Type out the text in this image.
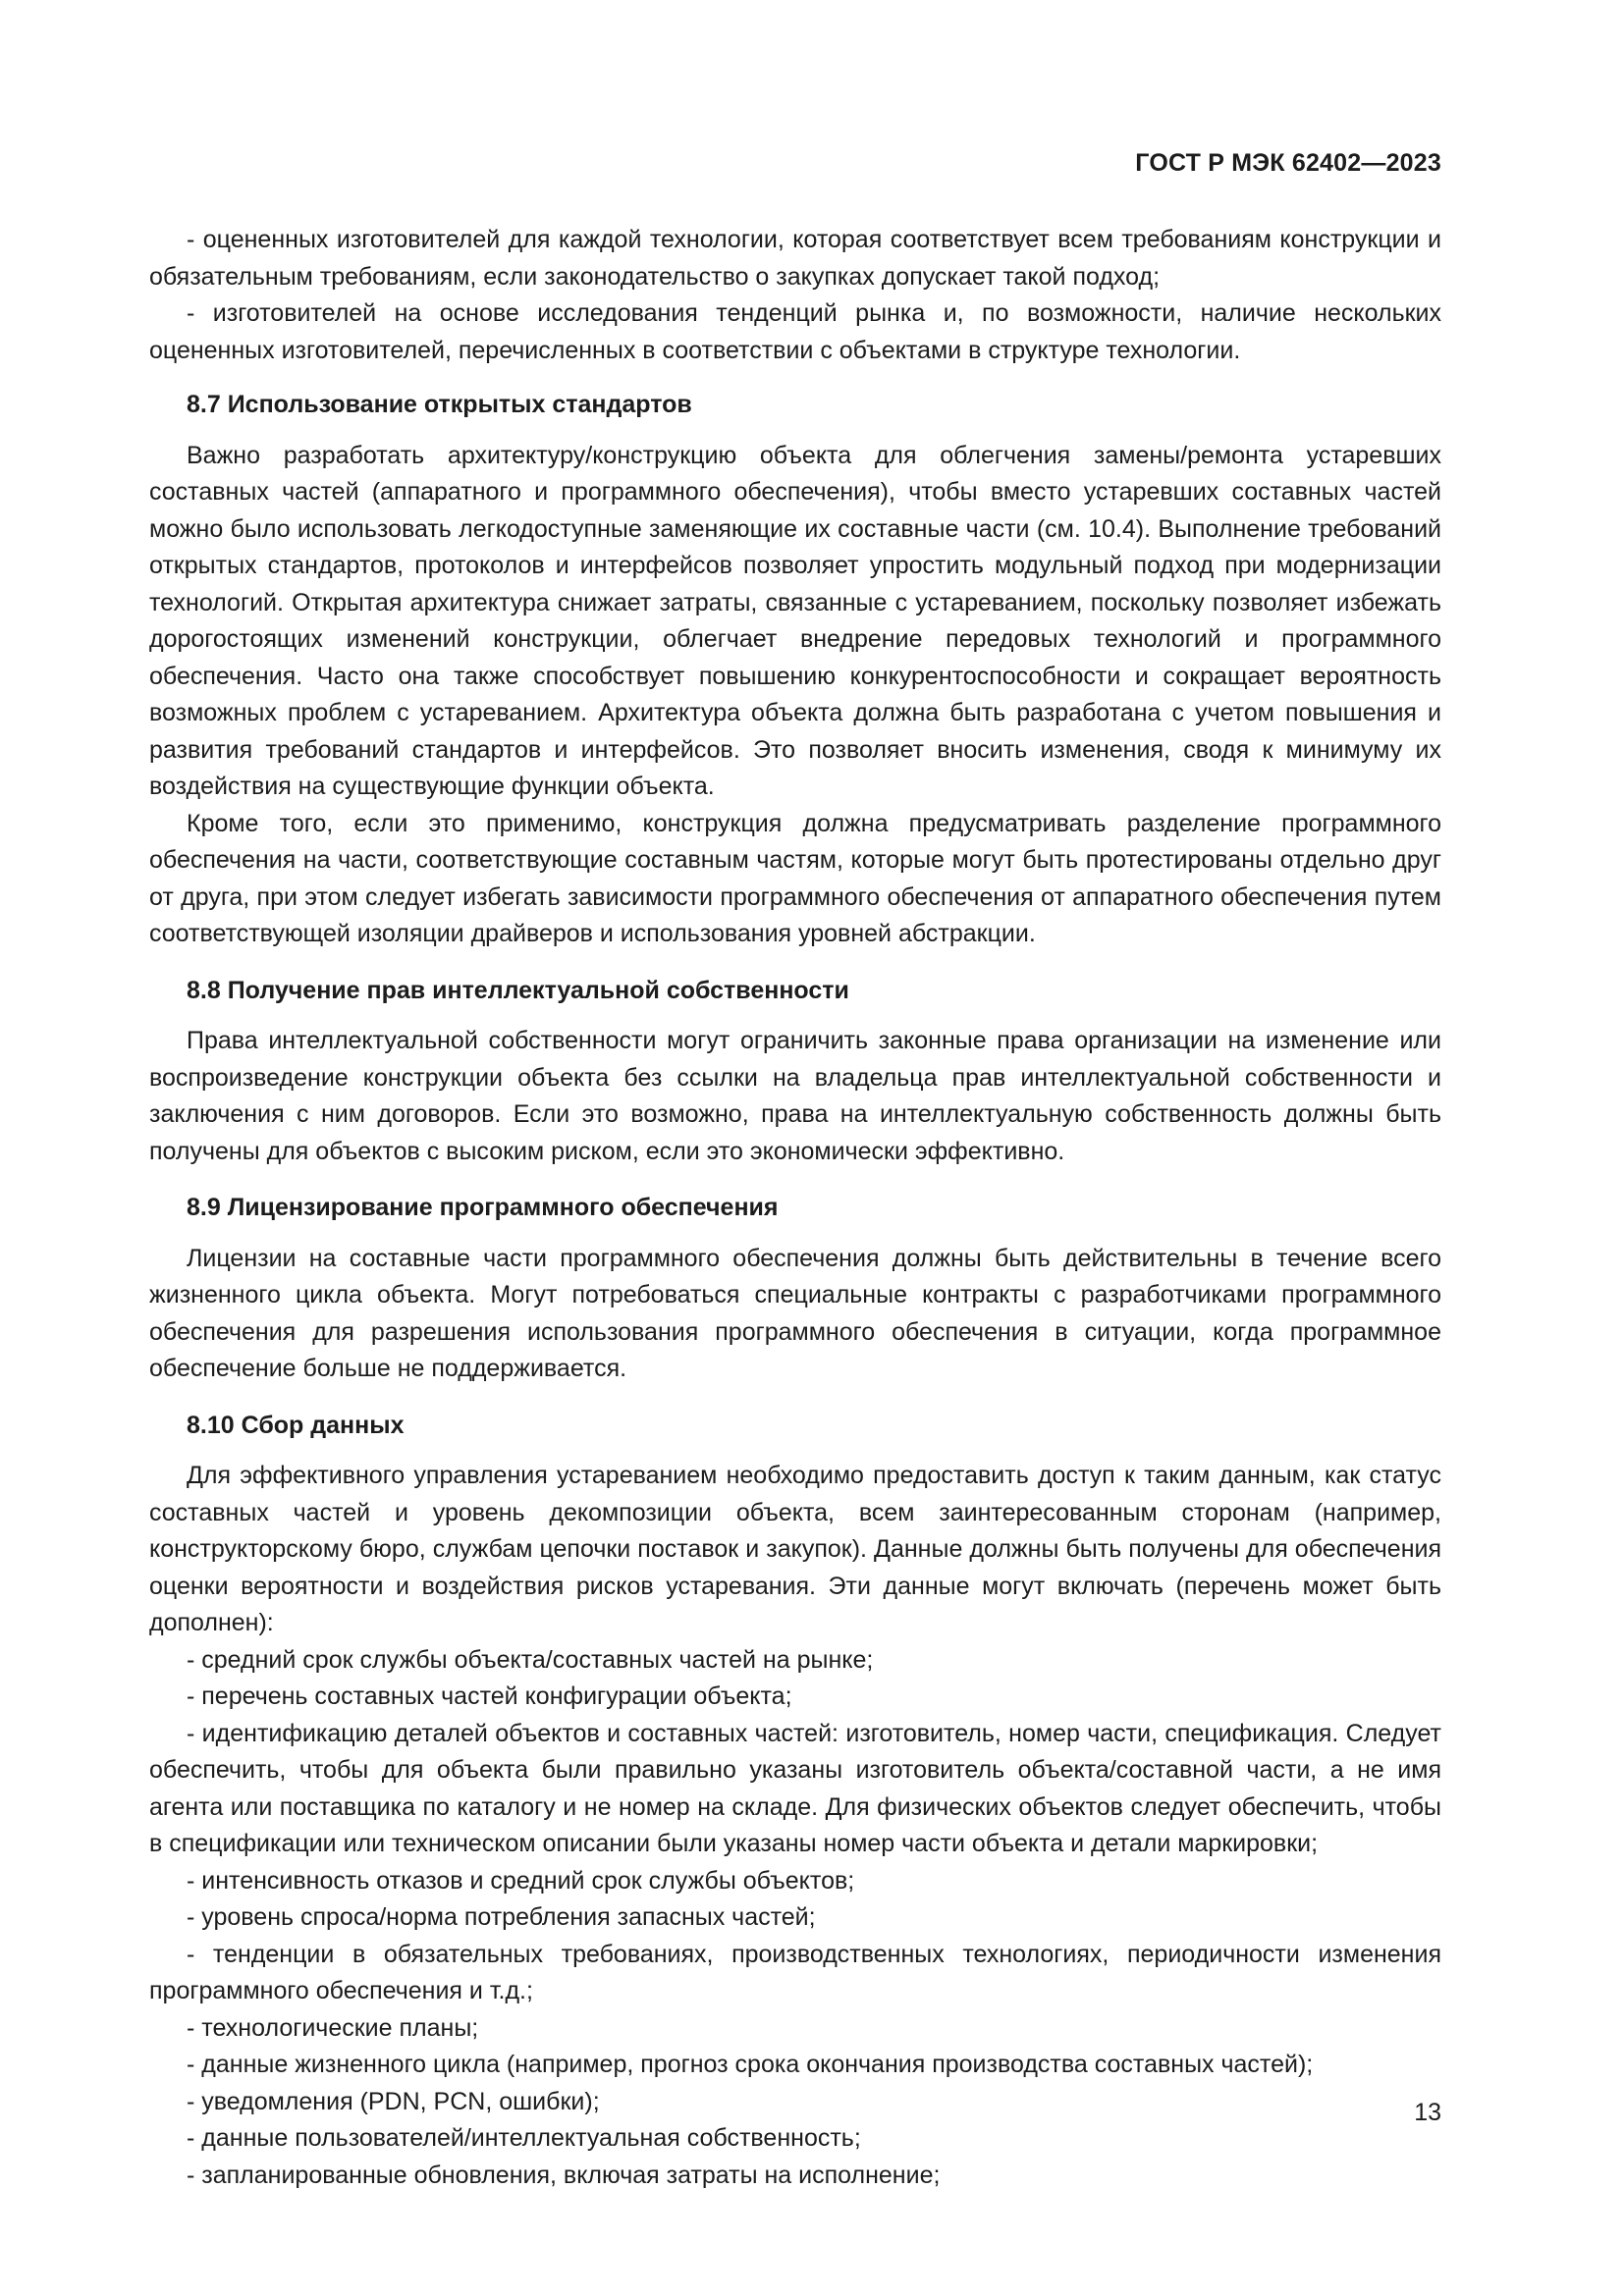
ГОСТ Р МЭК 62402—2023
- оцененных изготовителей для каждой технологии, которая соответствует всем требованиям конструкции и обязательным требованиям, если законодательство о закупках допускает такой подход;
- изготовителей на основе исследования тенденций рынка и, по возможности, наличие нескольких оцененных изготовителей, перечисленных в соответствии с объектами в структуре технологии.
8.7 Использование открытых стандартов

Важно разработать архитектуру/конструкцию объекта для облегчения замены/ремонта устаревших составных частей (аппаратного и программного обеспечения), чтобы вместо устаревших составных частей можно было использовать легкодоступные заменяющие их составные части (см. 10.4). Выполнение требований открытых стандартов, протоколов и интерфейсов позволяет упростить модульный подход при модернизации технологий. Открытая архитектура снижает затраты, связанные с устареванием, поскольку позволяет избежать дорогостоящих изменений конструкции, облегчает внедрение передовых технологий и программного обеспечения. Часто она также способствует повышению конкурентоспособности и сокращает вероятность возможных проблем с устареванием. Архитектура объекта должна быть разработана с учетом повышения и развития требований стандартов и интерфейсов. Это позволяет вносить изменения, сводя к минимуму их воздействия на существующие функции объекта.

Кроме того, если это применимо, конструкция должна предусматривать разделение программного обеспечения на части, соответствующие составным частям, которые могут быть протестированы отдельно друг от друга, при этом следует избегать зависимости программного обеспечения от аппаратного обеспечения путем соответствующей изоляции драйверов и использования уровней абстракции.

8.8 Получение прав интеллектуальной собственности

Права интеллектуальной собственности могут ограничить законные права организации на изменение или воспроизведение конструкции объекта без ссылки на владельца прав интеллектуальной собственности и заключения с ним договоров. Если это возможно, права на интеллектуальную собственность должны быть получены для объектов с высоким риском, если это экономически эффективно.

8.9 Лицензирование программного обеспечения

Лицензии на составные части программного обеспечения должны быть действительны в течение всего жизненного цикла объекта. Могут потребоваться специальные контракты с разработчиками программного обеспечения для разрешения использования программного обеспечения в ситуации, когда программное обеспечение больше не поддерживается.

8.10 Сбор данных

Для эффективного управления устареванием необходимо предоставить доступ к таким данным, как статус составных частей и уровень декомпозиции объекта, всем заинтересованным сторонам (например, конструкторскому бюро, службам цепочки поставок и закупок). Данные должны быть получены для обеспечения оценки вероятности и воздействия рисков устаревания. Эти данные могут включать (перечень может быть дополнен):

- средний срок службы объекта/составных частей на рынке;
- перечень составных частей конфигурации объекта;
- идентификацию деталей объектов и составных частей: изготовитель, номер части, спецификация. Следует обеспечить, чтобы для объекта были правильно указаны изготовитель объекта/составной части, а не имя агента или поставщика по каталогу и не номер на складе. Для физических объектов следует обеспечить, чтобы в спецификации или техническом описании были указаны номер части объекта и детали маркировки;
- интенсивность отказов и средний срок службы объектов;
- уровень спроса/норма потребления запасных частей;
- тенденции в обязательных требованиях, производственных технологиях, периодичности изменения программного обеспечения и т.д.;
- технологические планы;
- данные жизненного цикла (например, прогноз срока окончания производства составных частей);
- уведомления (PDN, PCN, ошибки);
- данные пользователей/интеллектуальная собственность;
- запланированные обновления, включая затраты на исполнение;
13
